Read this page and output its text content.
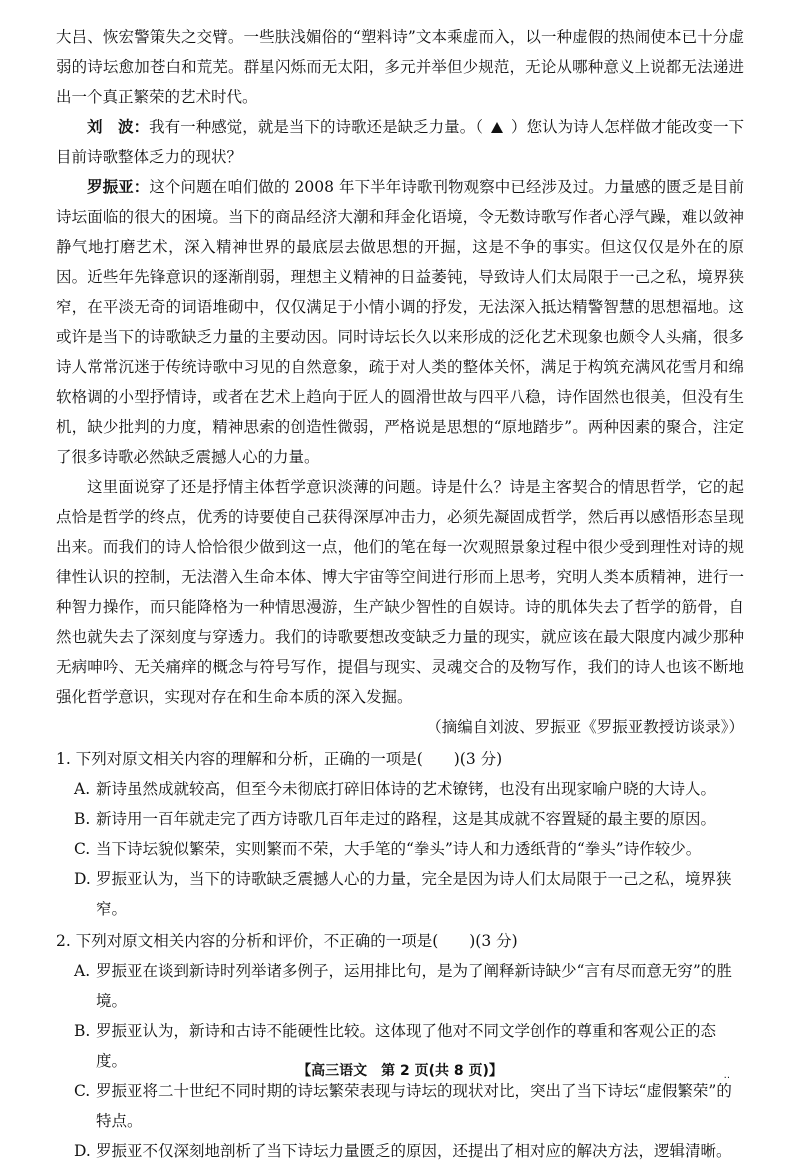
大吕、恢宏警策失之交臂。一些肤浅媚俗的“塑料诗”文本乘虚而入，以一种虚假的热闹使本已十分虚弱的诗坛愈加苍白和荒芜。群星闪烁而无太阳，多元并举但少规范，无论从哪种意义上说都无法递进出一个真正繁荣的艺术时代。

刘　波：我有一种感觉，就是当下的诗歌还是缺乏力量。（ ）您认为诗人怎样做才能改变一下目前诗歌整体乏力的现状？

罗振亚：这个问题在咱们做的 2008 年下半年诗歌刊物观察中已经涉及过。力量感的匮乏是目前诗坛面临的很大的困境。当下的商品经济大潮和拜金化语境，令无数诗歌写作者心浮气躁，难以敛神静气地打磨艺术，深入精神世界的最底层去做思想的开掘，这是不争的事实。但这仅仅是外在的原因。近些年先锋意识的逐渐削弱，理想主义精神的日益萎钝，导致诗人们太局限于一己之私，境界狭窄，在平淡无奇的词语堆砌中，仅仅满足于小情小调的抒发，无法深入抵达精警智慧的思想福地。这或许是当下的诗歌缺乏力量的主要动因。同时诗坛长久以来形成的泛化艺术现象也颇令人头痛，很多诗人常常沉迷于传统诗歌中习见的自然意象，疏于对人类的整体关怀，满足于构筑充满风花雪月和绵软格调的小型抒情诗，或者在艺术上趋向于匠人的圆滑世故与四平八稳，诗作固然也很美，但没有生机，缺少批判的力度，精神思索的创造性微弱，严格说是思想的“原地踏步”。两种因素的聚合，注定了很多诗歌必然缺乏震撼人心的力量。

这里面说穿了还是抒情主体哲学意识淡薄的问题。诗是什么？诗是主客契合的情思哲学，它的起点恰是哲学的终点，优秀的诗要使自己获得深厚冲击力，必须先凝固成哲学，然后再以感悟形态呈现出来。而我们的诗人恰恰很少做到这一点，他们的笔在每一次观照景象过程中很少受到理性对诗的规律性认识的控制，无法潜入生命本体、博大宇宙等空间进行形而上思考，究明人类本质精神，进行一种智力操作，而只能降格为一种情思漫游，生产缺少智性的自娱诗。诗的肌体失去了哲学的筋骨，自然也就失去了深刻度与穿透力。我们的诗歌要想改变缺乏力量的现实，就应该在最大限度内减少那种无病呻吟、无关痛痒的概念与符号写作，提倡与现实、灵魂交合的及物写作，我们的诗人也该不断地强化哲学意识，实现对存在和生命本质的深入发掘。

（摘编自刘波、罗振亚《罗振亚教授访谈录》）

1. 下列对原文相关内容的理解和分析，正确的一项是(　　)(3 分)
A. 新诗虽然成就较高，但至今未彻底打碎旧体诗的艺术镣铐，也没有出现家喻户晓的大诗人。
B. 新诗用一百年就走完了西方诗歌几百年走过的路程，这是其成就不容置疑的最主要的原因。
C. 当下诗坛貌似繁荣，实则繁而不荣，大手笔的“拳头”诗人和力透纸背的“拳头”诗作较少。
D. 罗振亚认为，当下的诗歌缺乏震撼人心的力量，完全是因为诗人们太局限于一己之私，境界狭窄。
2. 下列对原文相关内容的分析和评价，不正确的一项是(　　)(3 分)
A. 罗振亚在谈到新诗时列举诸多例子，运用排比句，是为了阐释新诗缺少“言有尽而意无穷”的胜境。
B. 罗振亚认为，新诗和古诗不能硬性比较。这体现了他对不同文学创作的尊重和客观公正的态度。
C. 罗振亚将二十世纪不同时期的诗坛繁荣表现与诗坛的现状对比，突出了当下诗坛“虚假繁荣”的特点。
D. 罗振亚不仅深刻地剖析了当下诗坛力量匮乏的原因，还提出了相对应的解决方法，逻辑清晰。
【高三语文　第 2 页(共 8 页)】	..
